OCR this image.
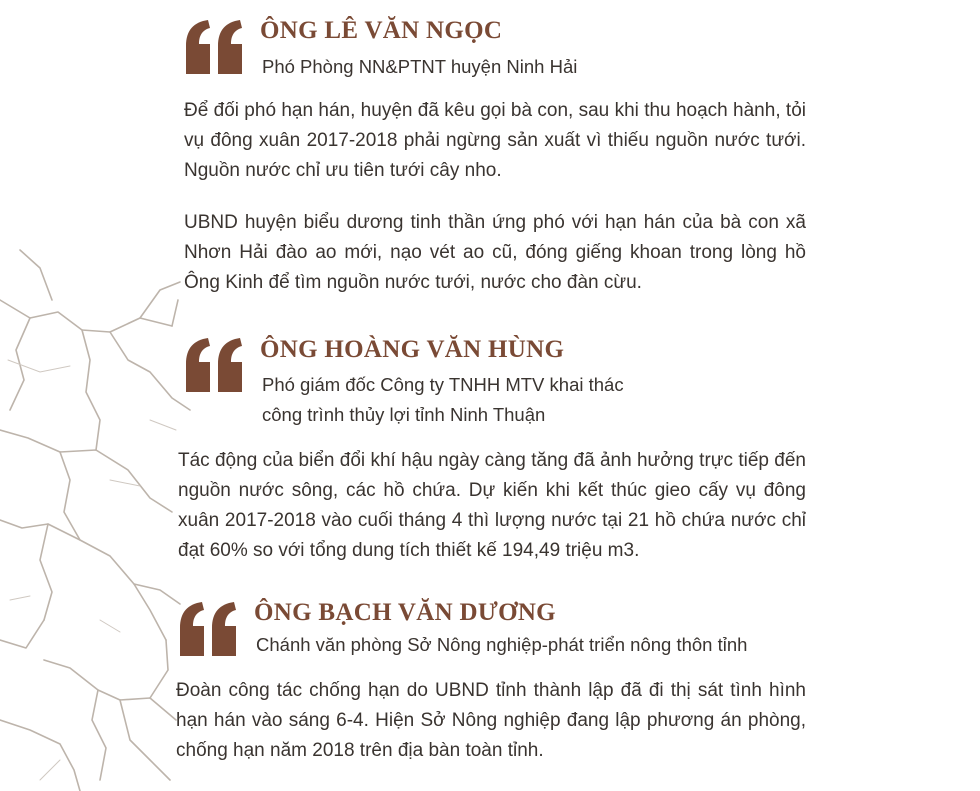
ÔNG LÊ VĂN NGỌC
Phó Phòng NN&PTNT huyện Ninh Hải

Để đối phó hạn hán, huyện đã kêu gọi bà con, sau khi thu hoạch hành, tỏi vụ đông xuân 2017-2018 phải ngừng sản xuất vì thiếu nguồn nước tưới. Nguồn nước chỉ ưu tiên tưới cây nho.

UBND huyện biểu dương tinh thần ứng phó với hạn hán của bà con xã Nhơn Hải đào ao mới, nạo vét ao cũ, đóng giếng khoan trong lòng hồ Ông Kinh để tìm nguồn nước tưới, nước cho đàn cừu.

ÔNG HOÀNG VĂN HÙNG
Phó giám đốc Công ty TNHH MTV khai thác
công trình thủy lợi tỉnh Ninh Thuận

Tác động của biển đổi khí hậu ngày càng tăng đã ảnh hưởng trực tiếp đến nguồn nước sông, các hồ chứa. Dự kiến khi kết thúc gieo cấy vụ đông xuân 2017-2018 vào cuối tháng 4 thì lượng nước tại 21 hồ chứa nước chỉ đạt 60% so với tổng dung tích thiết kế 194,49 triệu m3.

ÔNG BẠCH VĂN DƯƠNG
Chánh văn phòng Sở Nông nghiệp-phát triển nông thôn tỉnh

Đoàn công tác chống hạn do UBND tỉnh thành lập đã đi thị sát tình hình hạn hán vào sáng 6-4. Hiện Sở Nông nghiệp đang lập phương án phòng, chống hạn năm 2018 trên địa bàn toàn tỉnh.
